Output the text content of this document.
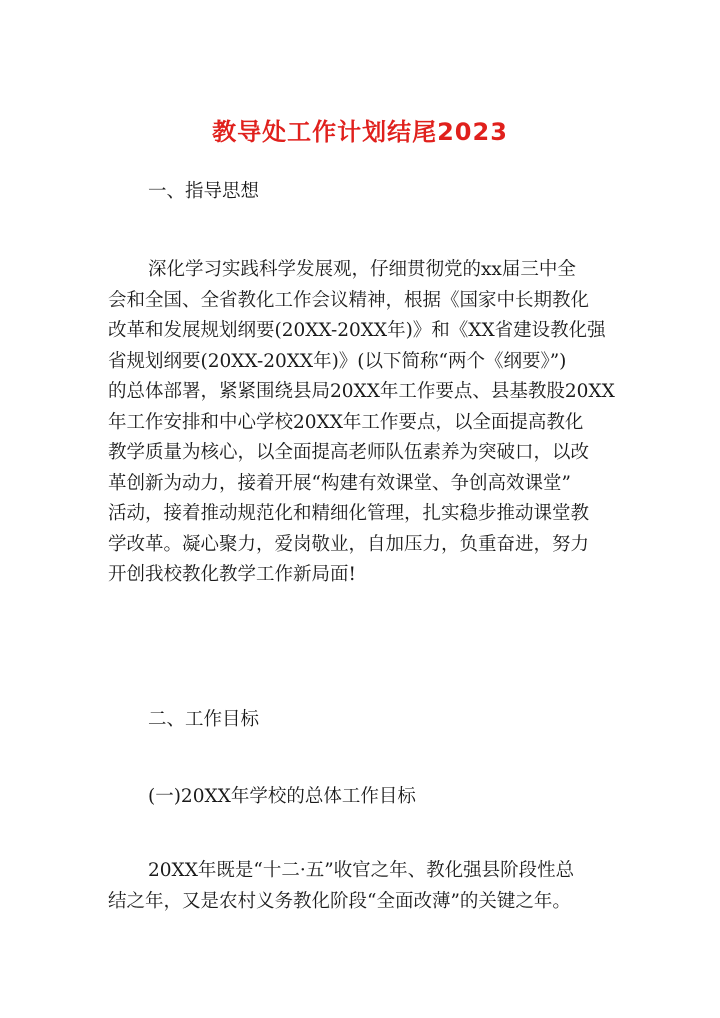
教导处工作计划结尾2023
一、指导思想
深化学习实践科学发展观，仔细贯彻党的xx届三中全
会和全国、全省教化工作会议精神，根据《国家中长期教化
改革和发展规划纲要(20XX-20XX年)》和《XX省建设教化强
省规划纲要(20XX-20XX年)》(以下简称“两个《纲要》”)
的总体部署，紧紧围绕县局20XX年工作要点、县基教股20XX
年工作安排和中心学校20XX年工作要点，以全面提高教化
教学质量为核心，以全面提高老师队伍素养为突破口，以改
革创新为动力，接着开展“构建有效课堂、争创高效课堂”
活动，接着推动规范化和精细化管理，扎实稳步推动课堂教
学改革。凝心聚力，爱岗敬业，自加压力，负重奋进，努力
开创我校教化教学工作新局面!
二、工作目标
(一)20XX年学校的总体工作目标
20XX年既是“十二·五”收官之年、教化强县阶段性总
结之年，又是农村义务教化阶段“全面改薄”的关键之年。
